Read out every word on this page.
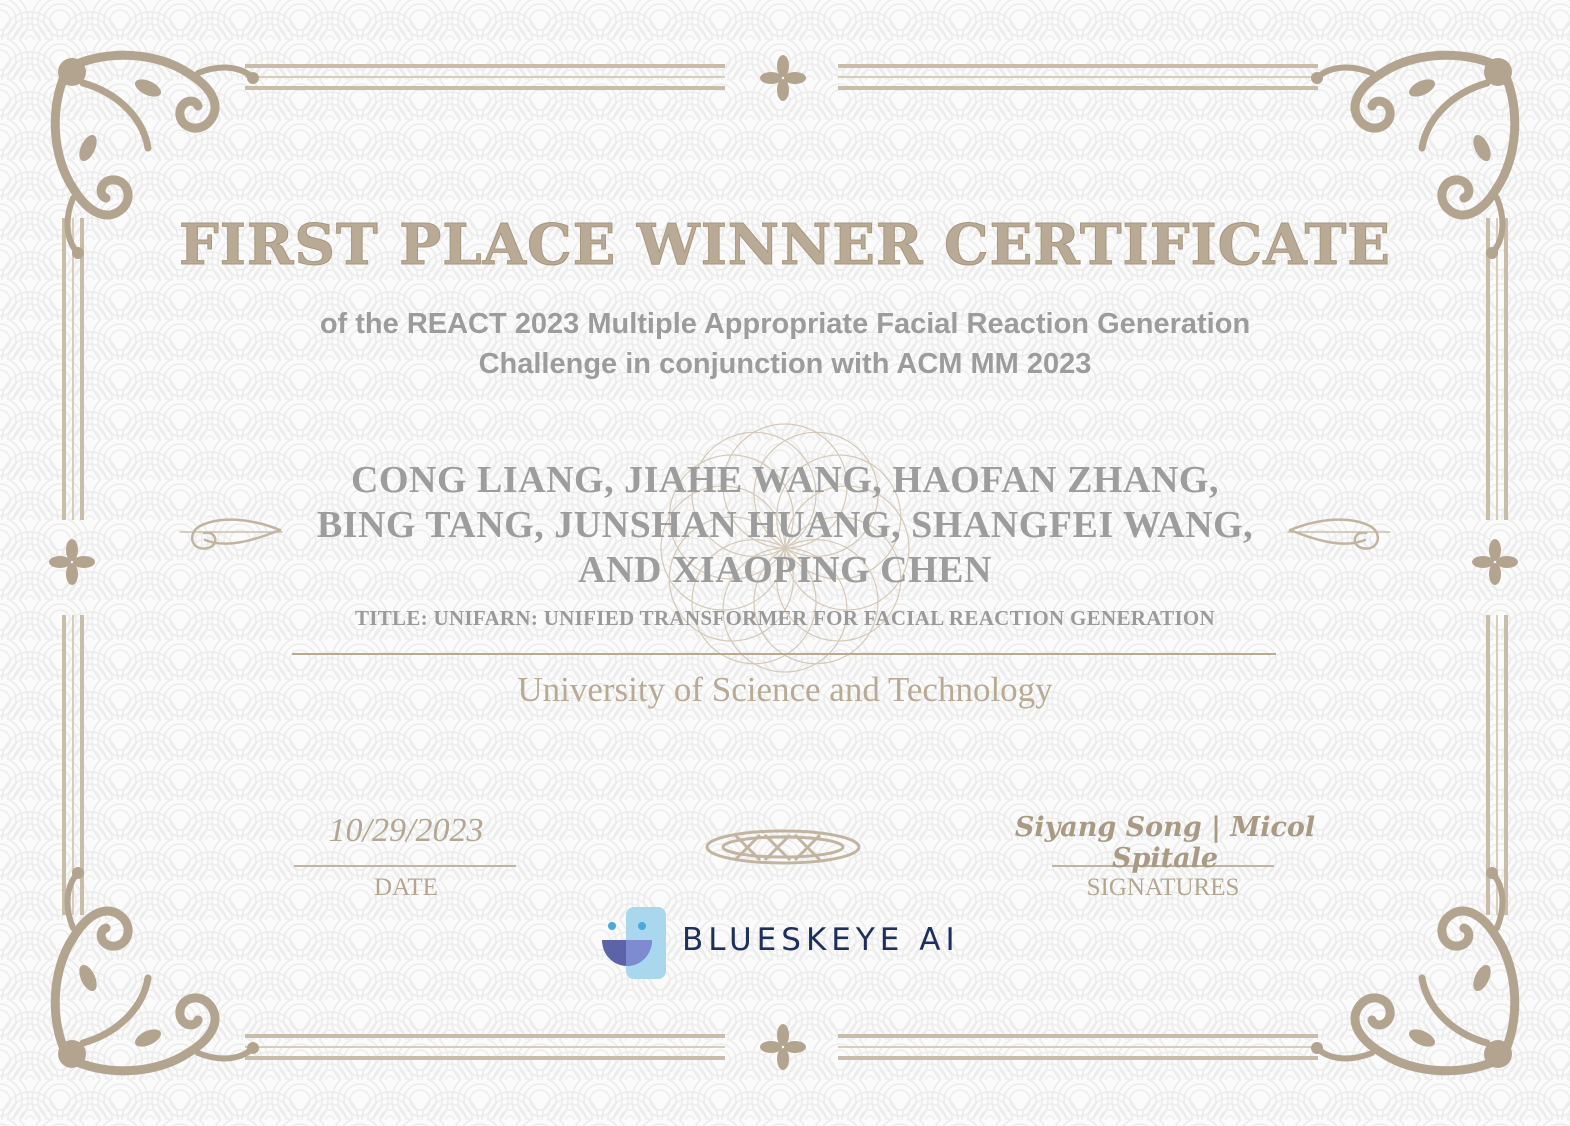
FIRST PLACE WINNER CERTIFICATE
of the REACT 2023 Multiple Appropriate Facial Reaction Generation
Challenge in conjunction with ACM MM 2023
CONG LIANG, JIAHE WANG, HAOFAN ZHANG,
BING TANG, JUNSHAN HUANG, SHANGFEI WANG,
AND XIAOPING CHEN
TITLE: UNIFARN: UNIFIED TRANSFORMER FOR FACIAL REACTION GENERATION
University of Science and Technology
10/29/2023
DATE
Siyang Song | Micol Spitale
SIGNATURES
BLUESKEYE AI
